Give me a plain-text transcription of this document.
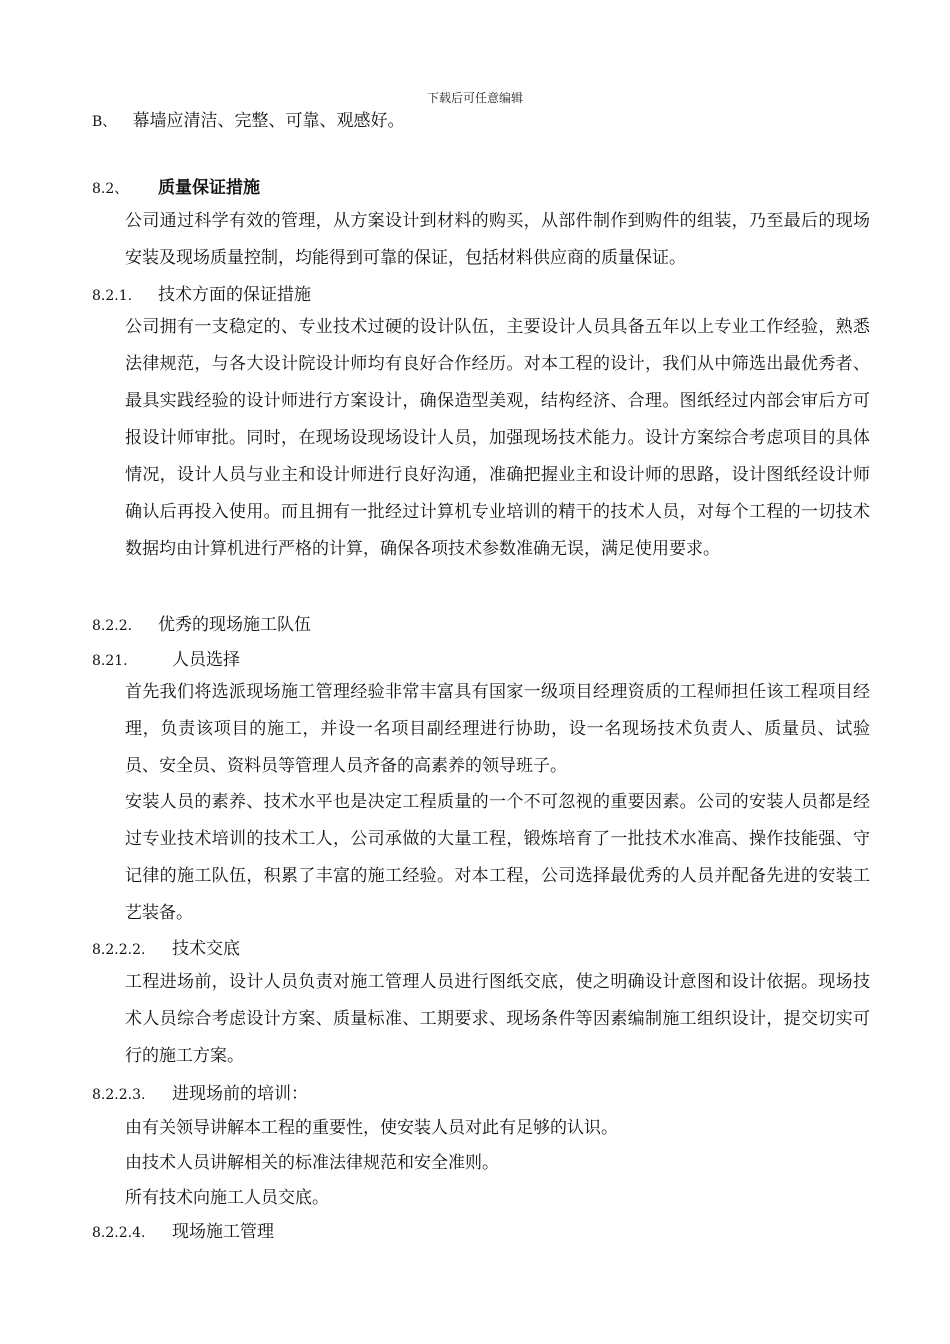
下载后可任意编辑
B、 幕墙应清洁、完整、可靠、观感好。
8.2、 质量保证措施
公司通过科学有效的管理，从方案设计到材料的购买，从部件制作到购件的组装，乃至最后的现场安装及现场质量控制，均能得到可靠的保证，包括材料供应商的质量保证。
8.2.1. 技术方面的保证措施
公司拥有一支稳定的、专业技术过硬的设计队伍，主要设计人员具备五年以上专业工作经验，熟悉法律规范，与各大设计院设计师均有良好合作经历。对本工程的设计，我们从中筛选出最优秀者、最具实践经验的设计师进行方案设计，确保造型美观，结构经济、合理。图纸经过内部会审后方可报设计师审批。同时，在现场设现场设计人员，加强现场技术能力。设计方案综合考虑项目的具体情况，设计人员与业主和设计师进行良好沟通，准确把握业主和设计师的思路，设计图纸经设计师确认后再投入使用。而且拥有一批经过计算机专业培训的精干的技术人员，对每个工程的一切技术数据均由计算机进行严格的计算，确保各项技术参数准确无误，满足使用要求。
8.2.2. 优秀的现场施工队伍
8.21.	人员选择
首先我们将选派现场施工管理经验非常丰富具有国家一级项目经理资质的工程师担任该工程项目经理，负责该项目的施工，并设一名项目副经理进行协助，设一名现场技术负责人、质量员、试验员、安全员、资料员等管理人员齐备的高素养的领导班子。
安装人员的素养、技术水平也是决定工程质量的一个不可忽视的重要因素。公司的安装人员都是经过专业技术培训的技术工人，公司承做的大量工程，锻炼培育了一批技术水准高、操作技能强、守记律的施工队伍，积累了丰富的施工经验。对本工程，公司选择最优秀的人员并配备先进的安装工艺装备。
8.2.2.2. 技术交底
工程进场前，设计人员负责对施工管理人员进行图纸交底，使之明确设计意图和设计依据。现场技术人员综合考虑设计方案、质量标准、工期要求、现场条件等因素编制施工组织设计，提交切实可行的施工方案。
8.2.2.3. 进现场前的培训：
由有关领导讲解本工程的重要性，使安装人员对此有足够的认识。
由技术人员讲解相关的标准法律规范和安全准则。
所有技术向施工人员交底。
8.2.2.4. 现场施工管理
